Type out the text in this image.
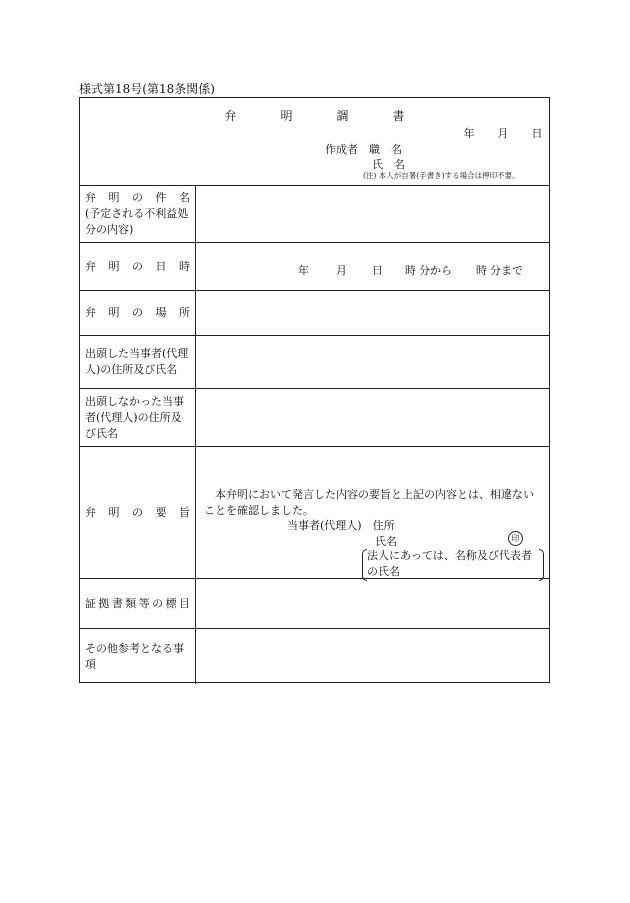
様式第18号(第18条関係)
弁	明	調	書
年 月 日
作成者　職　名
氏　名
(注) 本人が自署(手書き)する場合は押印不要。
弁 明 の 件 名
(予定される不利益処分の内容)
弁 明 の 日 時	年 月 日 時 分から 時 分まで
弁 明 の 場 所
出頭した当事者(代理人)の住所及び氏名
出頭しなかった当事者(代理人)の住所及び氏名
弁 明 の 要 旨
本弁明において発言した内容の要旨と上記の内容とは、相違ないことを確認しました。
当事者(代理人)　住所
氏名	印
法人にあっては、名称及び代表者の氏名
証拠書類等の標目
その他参考となる事項
